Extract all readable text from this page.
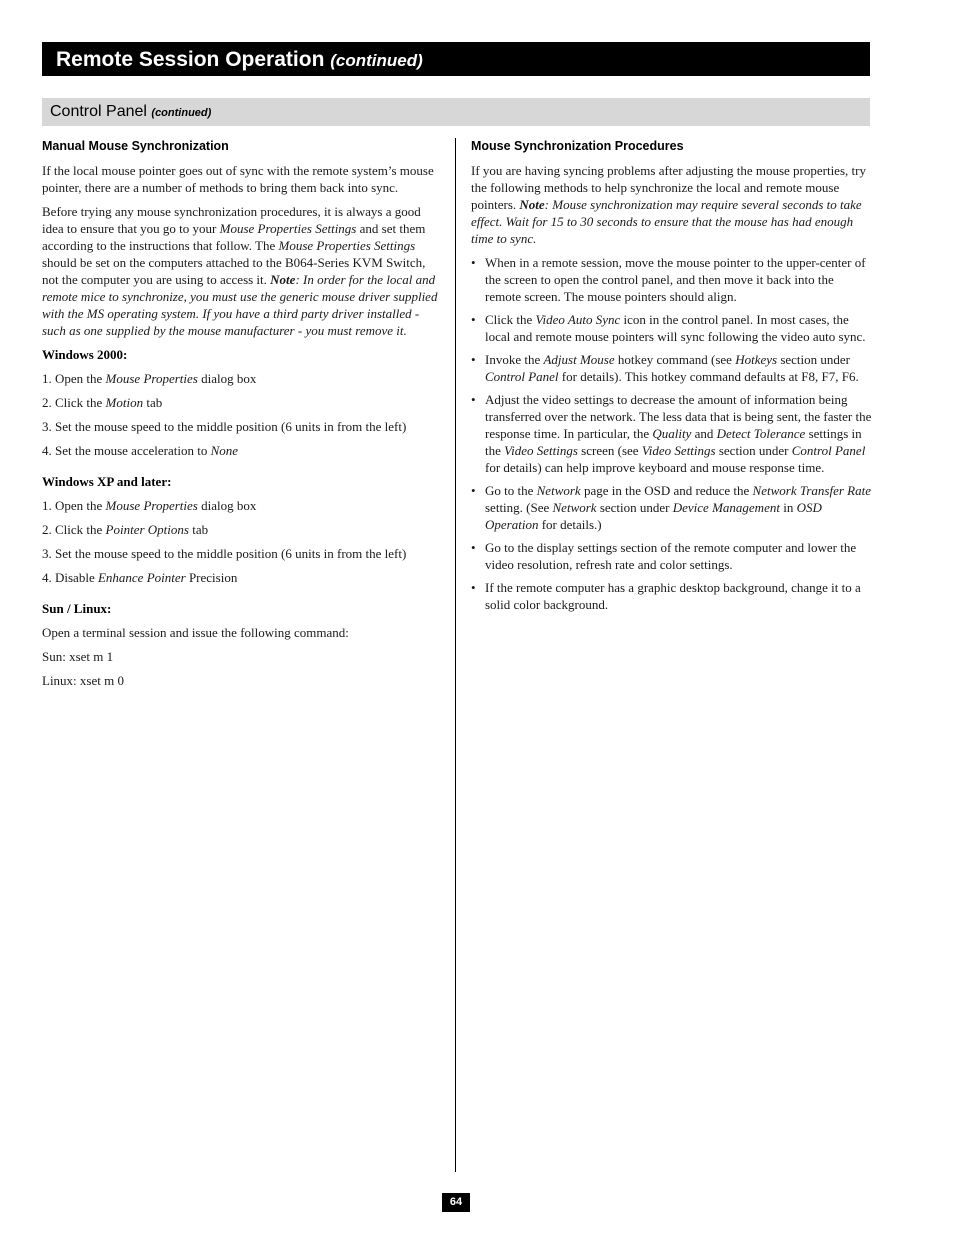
Remote Session Operation (continued)
Control Panel (continued)
Manual Mouse Synchronization

If the local mouse pointer goes out of sync with the remote system’s mouse pointer, there are a number of methods to bring them back into sync.

Before trying any mouse synchronization procedures, it is always a good idea to ensure that you go to your Mouse Properties Settings and set them according to the instructions that follow. The Mouse Properties Settings should be set on the computers attached to the B064-Series KVM Switch, not the computer you are using to access it. Note: In order for the local and remote mice to synchronize, you must use the generic mouse driver supplied with the MS operating system. If you have a third party driver installed - such as one supplied by the mouse manufacturer - you must remove it.

Windows 2000:

1. Open the Mouse Properties dialog box
2. Click the Motion tab
3. Set the mouse speed to the middle position (6 units in from the left)
4. Set the mouse acceleration to None

Windows XP and later:

1. Open the Mouse Properties dialog box
2. Click the Pointer Options tab
3. Set the mouse speed to the middle position (6 units in from the left)
4. Disable Enhance Pointer Precision

Sun / Linux:

Open a terminal session and issue the following command:

Sun: xset m 1

Linux: xset m 0

Mouse Synchronization Procedures

If you are having syncing problems after adjusting the mouse properties, try the following methods to help synchronize the local and remote mouse pointers. Note: Mouse synchronization may require several seconds to take effect. Wait for 15 to 30 seconds to ensure that the mouse has had enough time to sync.

• When in a remote session, move the mouse pointer to the upper-center of the screen to open the control panel, and then move it back into the remote screen. The mouse pointers should align.
• Click the Video Auto Sync icon in the control panel. In most cases, the local and remote mouse pointers will sync following the video auto sync.
• Invoke the Adjust Mouse hotkey command (see Hotkeys section under Control Panel for details). This hotkey command defaults at F8, F7, F6.
• Adjust the video settings to decrease the amount of information being transferred over the network. The less data that is being sent, the faster the response time. In particular, the Quality and Detect Tolerance settings in the Video Settings screen (see Video Settings section under Control Panel for details) can help improve keyboard and mouse response time.
• Go to the Network page in the OSD and reduce the Network Transfer Rate setting. (See Network section under Device Management in OSD Operation for details.)
• Go to the display settings section of the remote computer and lower the video resolution, refresh rate and color settings.
• If the remote computer has a graphic desktop background, change it to a solid color background.
64
